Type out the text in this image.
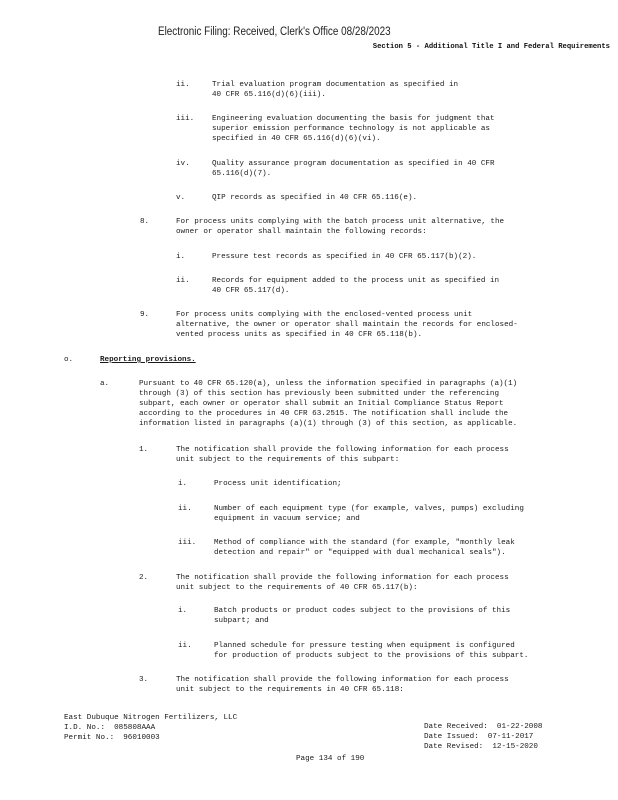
Electronic Filing: Received, Clerk's Office 08/28/2023
Section 5 - Additional Title I and Federal Requirements
ii.	Trial evaluation program documentation as specified in
40 CFR 65.116(d)(6)(iii).
iii. Engineering evaluation documenting the basis for judgment that
superior emission performance technology is not applicable as
specified in 40 CFR 65.116(d)(6)(vi).
iv.	Quality assurance program documentation as specified in 40 CFR
65.116(d)(7).
v.	QIP records as specified in 40 CFR 65.116(e).
8.	For process units complying with the batch process unit alternative, the
owner or operator shall maintain the following records:
i.	Pressure test records as specified in 40 CFR 65.117(b)(2).
ii.	Records for equipment added to the process unit as specified in
40 CFR 65.117(d).
9.	For process units complying with the enclosed-vented process unit
alternative, the owner or operator shall maintain the records for enclosed-
vented process units as specified in 40 CFR 65.118(b).
o.	Reporting provisions.
a.	Pursuant to 40 CFR 65.120(a), unless the information specified in paragraphs (a)(1)
through (3) of this section has previously been submitted under the referencing
subpart, each owner or operator shall submit an Initial Compliance Status Report
according to the procedures in 40 CFR 63.2515. The notification shall include the
information listed in paragraphs (a)(1) through (3) of this section, as applicable.
1.	The notification shall provide the following information for each process
unit subject to the requirements of this subpart:
i.	Process unit identification;
ii.	Number of each equipment type (for example, valves, pumps) excluding
equipment in vacuum service; and
iii. Method of compliance with the standard (for example, "monthly leak
detection and repair" or "equipped with dual mechanical seals").
2.	The notification shall provide the following information for each process
unit subject to the requirements of 40 CFR 65.117(b):
i.	Batch products or product codes subject to the provisions of this
subpart; and
ii.	Planned schedule for pressure testing when equipment is configured
for production of products subject to the provisions of this subpart.
3.	The notification shall provide the following information for each process
unit subject to the requirements in 40 CFR 65.118:
East Dubuque Nitrogen Fertilizers, LLC
I.D. No.:  085808AAA
Permit No.:  96010003
Date Received:  01-22-2008
Date Issued:  07-11-2017
Date Revised:  12-15-2020
Page 134 of 190
